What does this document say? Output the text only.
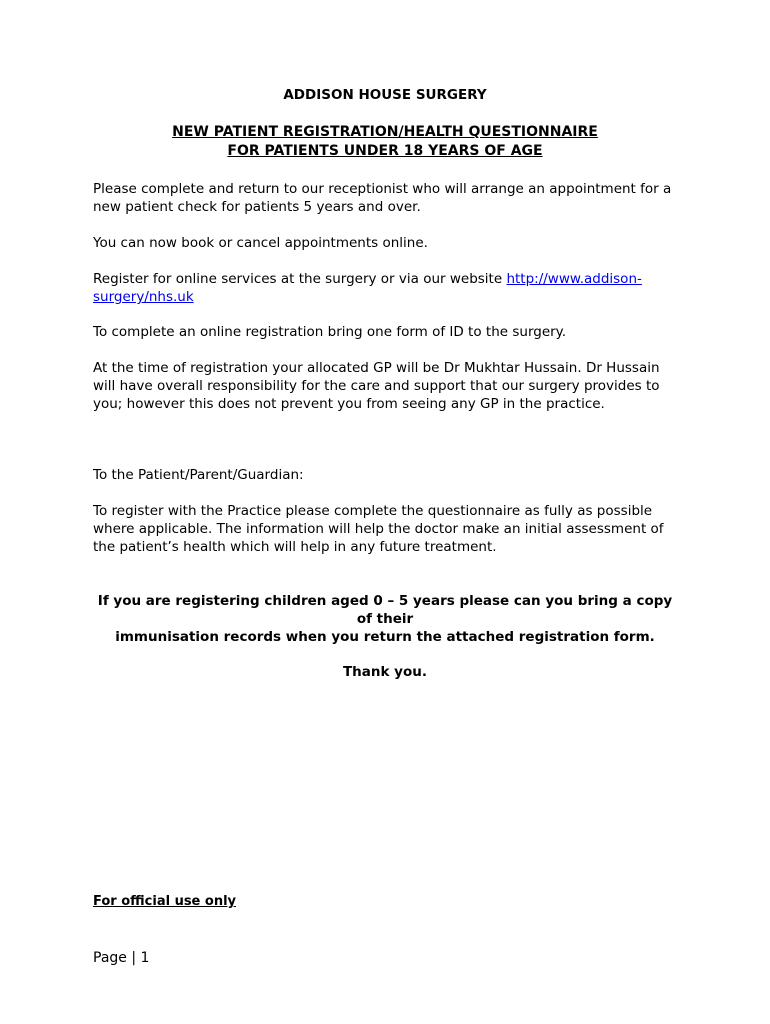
ADDISON HOUSE SURGERY

NEW PATIENT REGISTRATION/HEALTH QUESTIONNAIRE
FOR PATIENTS UNDER 18 YEARS OF AGE

Please complete and return to our receptionist who will arrange an appointment for a new patient check for patients 5 years and over.

You can now book or cancel appointments online.

Register for online services at the surgery or via our website http://www.addison-surgery/nhs.uk

To complete an online registration bring one form of ID to the surgery.

At the time of registration your allocated GP will be Dr Mukhtar Hussain. Dr Hussain will have overall responsibility for the care and support that our surgery provides to you; however this does not prevent you from seeing any GP in the practice.

To the Patient/Parent/Guardian:

To register with the Practice please complete the questionnaire as fully as possible where applicable. The information will help the doctor make an initial assessment of the patient’s health which will help in any future treatment.

If you are registering children aged 0 – 5 years please can you bring a copy of their
immunisation records when you return the attached registration form.

Thank you.

For official use only

Page | 1
